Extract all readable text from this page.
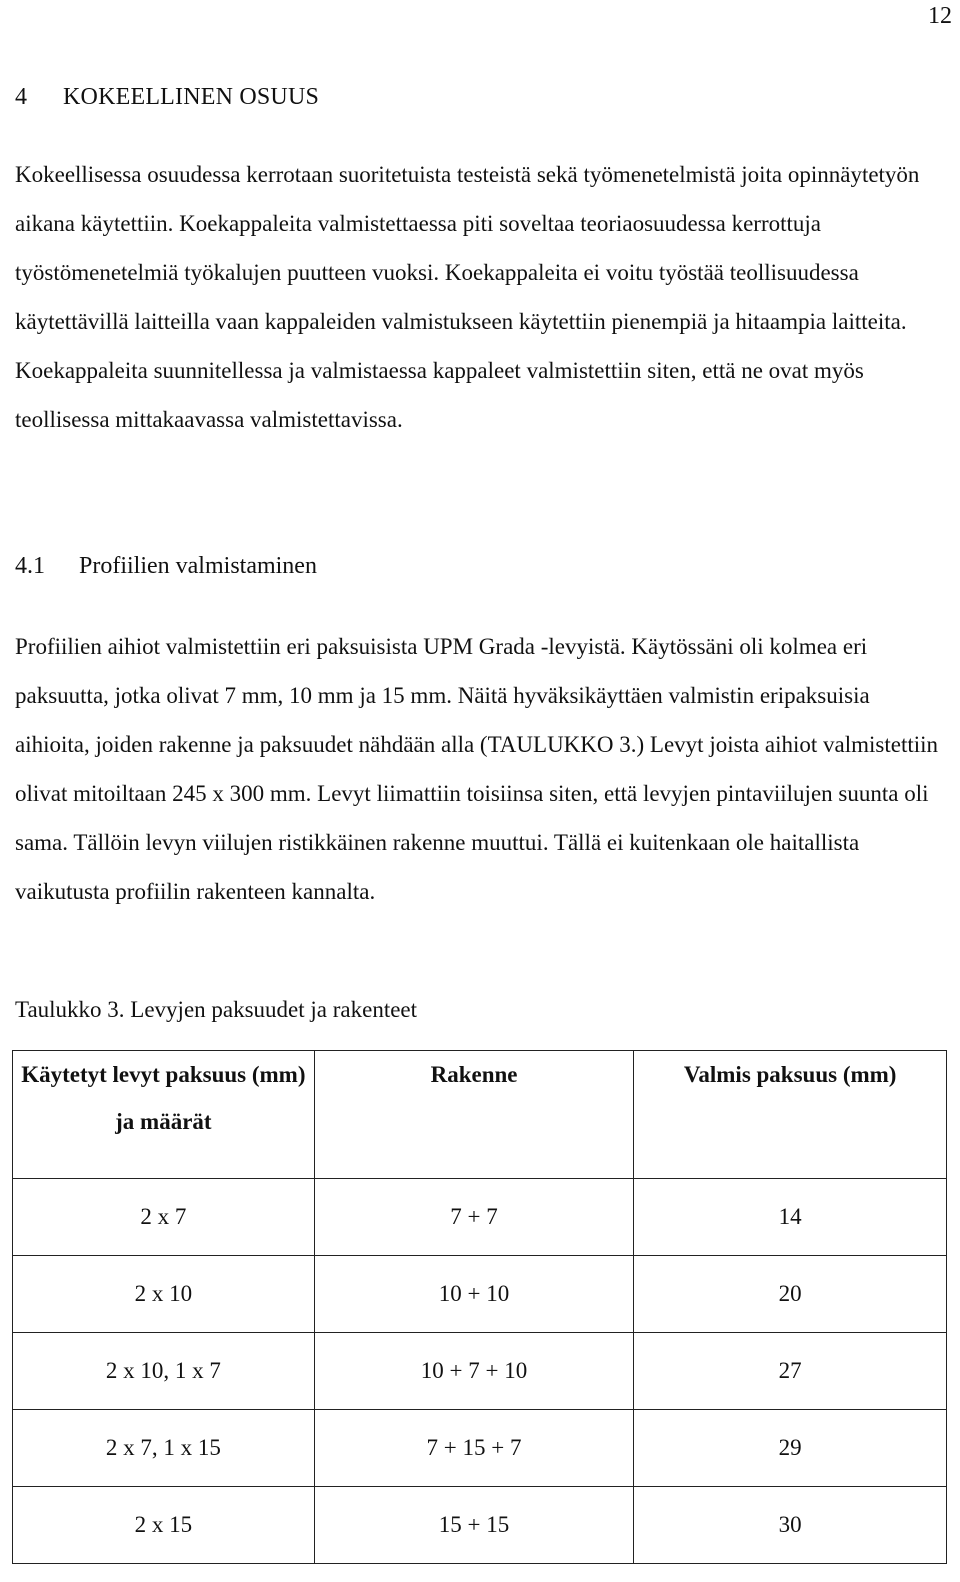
12
4 KOKEELLINEN OSUUS

Kokeellisessa osuudessa kerrotaan suoritetuista testeistä sekä työmenetelmistä joita opinnäytetyön aikana käytettiin. Koekappaleita valmistettaessa piti soveltaa teoriaosuudessa kerrottuja työstömenetelmiä työkalujen puutteen vuoksi. Koekappaleita ei voitu työstää teollisuudessa käytettävillä laitteilla vaan kappaleiden valmistukseen käytettiin pienempiä ja hitaampia laitteita. Koekappaleita suunnitellessa ja valmistaessa kappaleet valmistettiin siten, että ne ovat myös teollisessa mittakaavassa valmistettavissa.

4.1 Profiilien valmistaminen

Profiilien aihiot valmistettiin eri paksuisista UPM Grada -levyistä. Käytössäni oli kolmea eri paksuutta, jotka olivat 7 mm, 10 mm ja 15 mm. Näitä hyväksikäyttäen valmistin eripaksuisia aihioita, joiden rakenne ja paksuudet nähdään alla (TAULUKKO 3.) Levyt joista aihiot valmistettiin olivat mitoiltaan 245 x 300 mm. Levyt liimattiin toisiinsa siten, että levyjen pintaviilujen suunta oli sama. Tällöin levyn viilujen ristikkäinen rakenne muuttui. Tällä ei kuitenkaan ole haitallista vaikutusta profiilin rakenteen kannalta.

Taulukko 3. Levyjen paksuudet ja rakenteet
Käytetyt levyt paksuus (mm) ja määrät	Rakenne	Valmis paksuus (mm)
2 x 7	7 + 7	14
2 x 10	10 + 10	20
2 x 10, 1 x 7	10 + 7 + 10	27
2 x 7, 1 x 15	7 + 15 + 7	29
2 x 15	15 + 15	30
